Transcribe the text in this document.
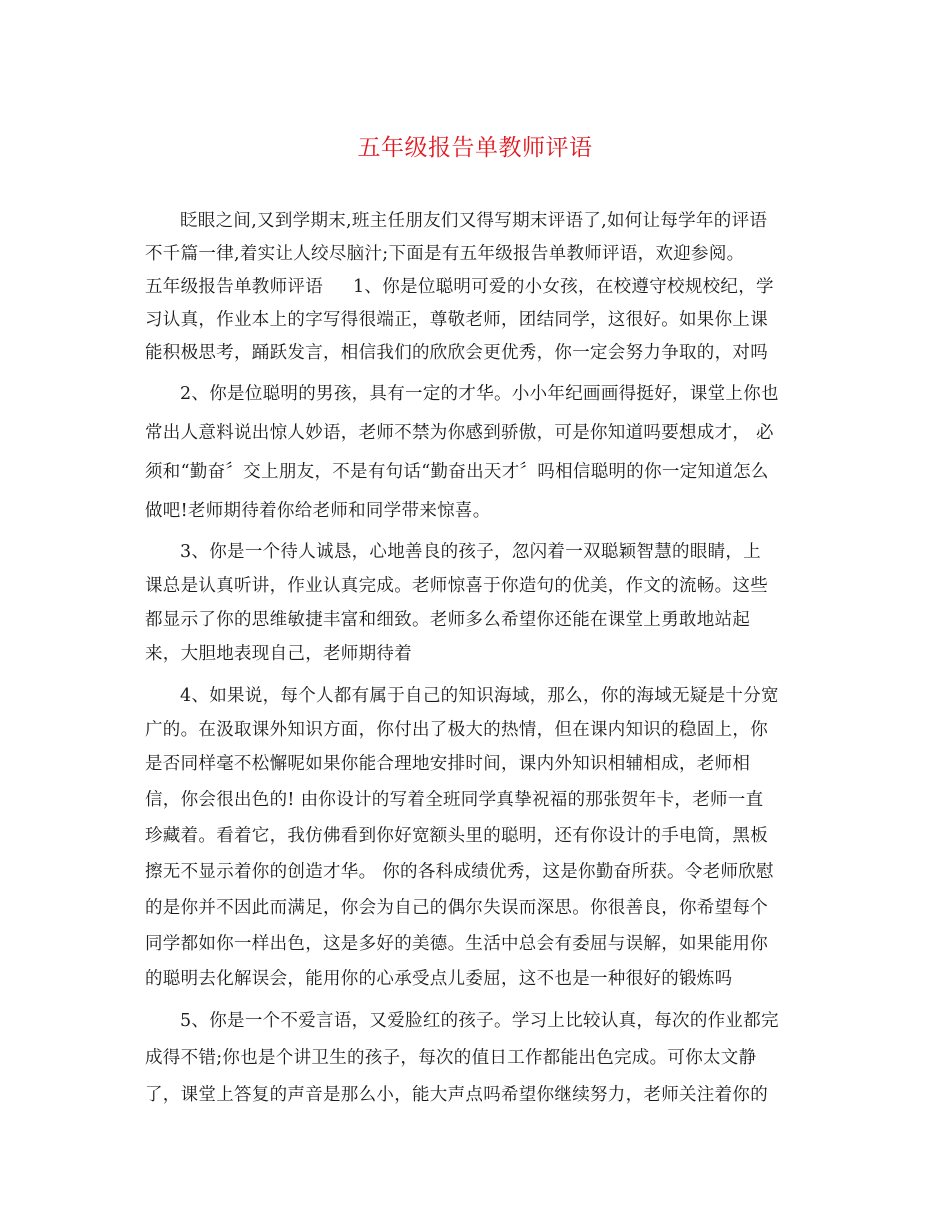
五年级报告单教师评语
眨眼之间,又到学期末,班主任朋友们又得写期末评语了,如何让每学年的评语
不千篇一律,着实让人绞尽脑汁;下面是有五年级报告单教师评语，欢迎参阅。
五年级报告单教师评语 1、你是位聪明可爱的小女孩，在校遵守校规校纪，学
习认真，作业本上的字写得很端正，尊敬老师，团结同学，这很好。如果你上课
能积极思考，踊跃发言，相信我们的欣欣会更优秀，你一定会努力争取的，对吗
2、你是位聪明的男孩，具有一定的才华。小小年纪画画得挺好，课堂上你也
常出人意料说出惊人妙语，老师不禁为你感到骄傲，可是你知道吗要想成才， 必
须和“勤奋〞交上朋友，不是有句话“勤奋出天才〞吗相信聪明的你一定知道怎么
做吧!老师期待着你给老师和同学带来惊喜。
3、你是一个待人诚恳，心地善良的孩子，忽闪着一双聪颖智慧的眼睛，上
课总是认真听讲，作业认真完成。老师惊喜于你造句的优美，作文的流畅。这些
都显示了你的思维敏捷丰富和细致。老师多么希望你还能在课堂上勇敢地站起
来，大胆地表现自己，老师期待着
4、如果说，每个人都有属于自己的知识海域，那么，你的海域无疑是十分宽
广的。在汲取课外知识方面，你付出了极大的热情，但在课内知识的稳固上，你
是否同样毫不松懈呢如果你能合理地安排时间，课内外知识相辅相成，老师相
信，你会很出色的! 由你设计的写着全班同学真挚祝福的那张贺年卡，老师一直
珍藏着。看着它，我仿佛看到你好宽额头里的聪明，还有你设计的手电筒，黑板
擦无不显示着你的创造才华。 你的各科成绩优秀，这是你勤奋所获。令老师欣慰
的是你并不因此而满足，你会为自己的偶尔失误而深思。你很善良，你希望每个
同学都如你一样出色，这是多好的美德。生活中总会有委屈与误解，如果能用你
的聪明去化解误会，能用你的心承受点儿委屈，这不也是一种很好的锻炼吗
5、你是一个不爱言语，又爱脸红的孩子。学习上比较认真，每次的作业都完
成得不错;你也是个讲卫生的孩子，每次的值日工作都能出色完成。可你太文静
了，课堂上答复的声音是那么小，能大声点吗希望你继续努力，老师关注着你的
